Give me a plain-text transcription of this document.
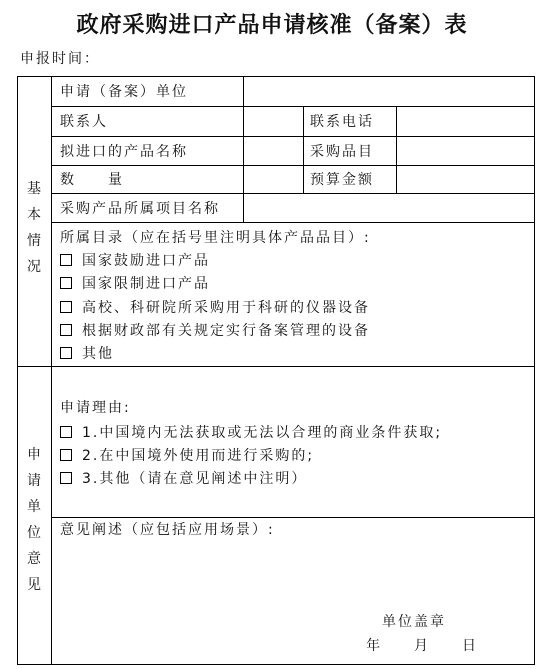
政府采购进口产品申请核准（备案）表
申报时间：
基
本
情
况
申
请
单
位
意
见
申请（备案）单位
联系人	联系电话
拟进口的产品名称	采购品目
数　　量	预算金额
采购产品所属项目名称
所属目录（应在括号里注明具体产品品目）:
国家鼓励进口产品
国家限制进口产品
高校、科研院所采购用于科研的仪器设备
根据财政部有关规定实行备案管理的设备
其他
申请理由:
1.中国境内无法获取或无法以合理的商业条件获取;
2.在中国境外使用而进行采购的;
3.其他（请在意见阐述中注明）
意见阐述（应包括应用场景）:
单位盖章
年　　月　　日
